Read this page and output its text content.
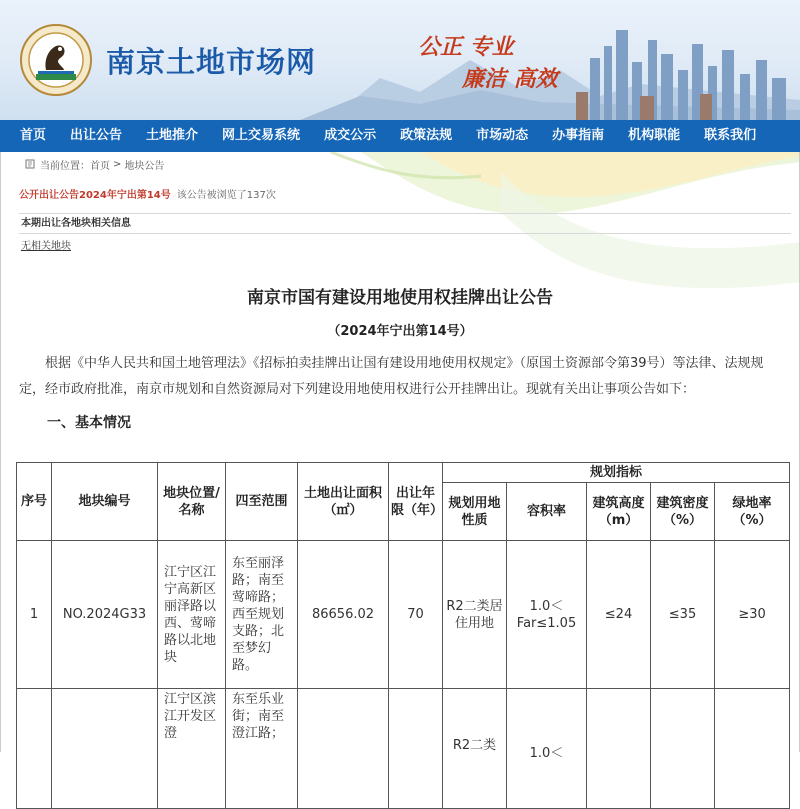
南京土地市场网	公正 专业
廉洁 高效
首页	出让公告	土地推介	网上交易系统	成交公示	政策法规	市场动态	办事指南	机构职能	联系我们
当前位置： 首页 > 地块公告
公开出让公告2024年宁出第14号 该公告被浏览了137次
本期出让各地块相关信息
无相关地块
南京市国有建设用地使用权挂牌出让公告
（2024年宁出第14号）

根据《中华人民共和国土地管理法》《招标拍卖挂牌出让国有建设用地使用权规定》（原国土资源部令第39号）等法律、法规规定，经市政府批准，南京市规划和自然资源局对下列建设用地使用权进行公开挂牌出让。现就有关出让事项公告如下：

一、基本情况
序号	地块编号	地块位置/名称	四至范围	土地出让面积（㎡）	出让年限（年）	规划指标				
						规划用地性质	容积率	建筑高度（m）	建筑密度（%）	绿地率（%）
1	NO.2024G33	江宁区江宁高新区丽泽路以西、莺啼路以北地块	东至丽泽路；南至莺啼路；西至规划支路；北至梦幻路。	86656.02	70	R2二类居住用地	1.0＜Far≤1.05	≤24	≤35	≥30
		江宁区滨江开发区澄	东至乐业街；南至澄江路；			R2二类	1.0＜			
